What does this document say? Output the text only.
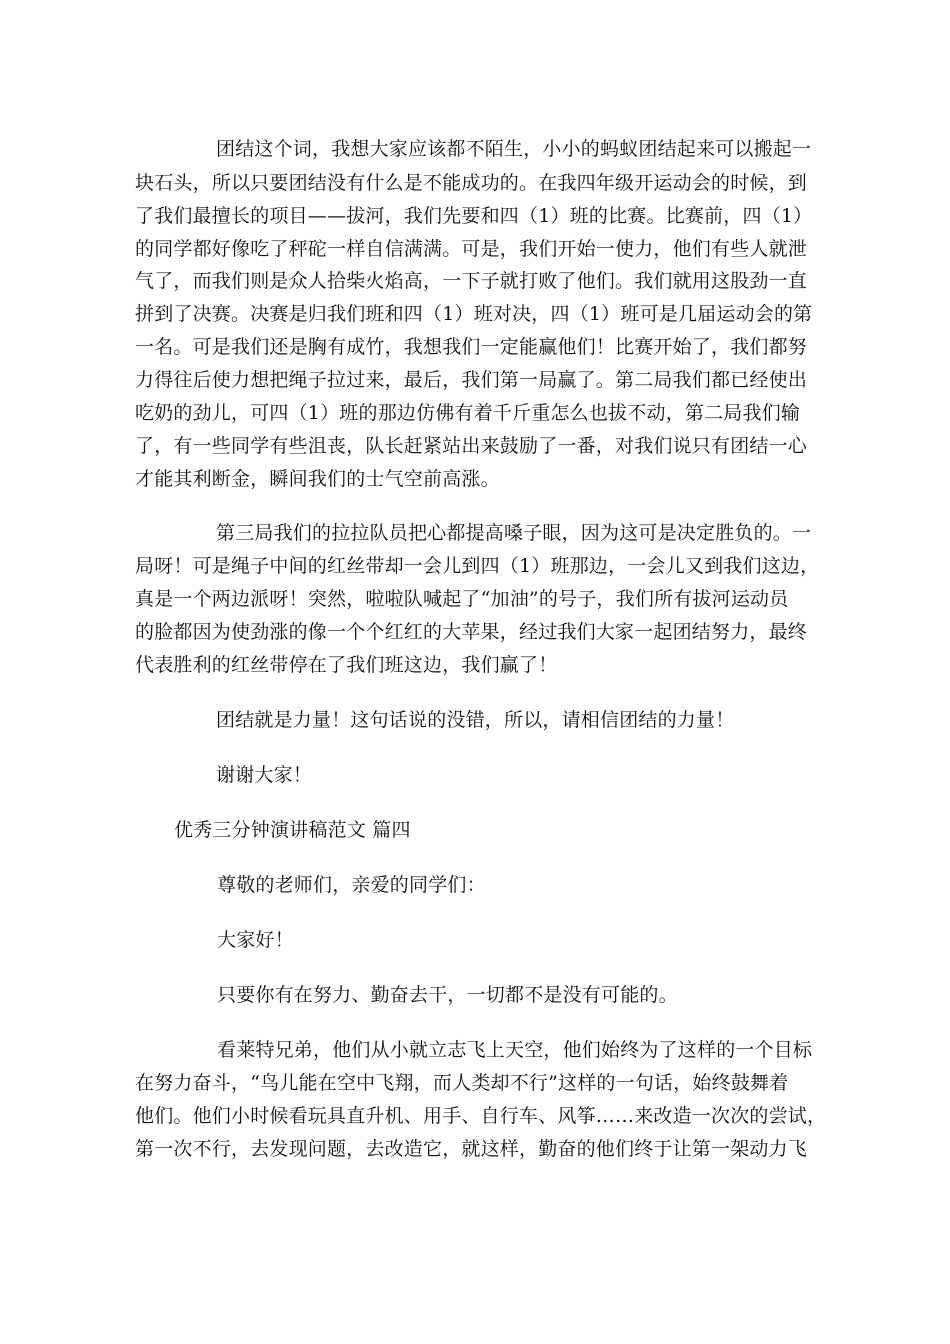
团结这个词，我想大家应该都不陌生，小小的蚂蚁团结起来可以搬起一
块石头，所以只要团结没有什么是不能成功的。在我四年级开运动会的时候，到
了我们最擅长的项目——拔河，我们先要和四（1）班的比赛。比赛前，四（1）
的同学都好像吃了秤砣一样自信满满。可是，我们开始一使力，他们有些人就泄
气了，而我们则是众人拾柴火焰高，一下子就打败了他们。我们就用这股劲一直
拼到了决赛。决赛是归我们班和四（1）班对决，四（1）班可是几届运动会的第
一名。可是我们还是胸有成竹，我想我们一定能赢他们！比赛开始了，我们都努
力得往后使力想把绳子拉过来，最后，我们第一局赢了。第二局我们都已经使出
吃奶的劲儿，可四（1）班的那边仿佛有着千斤重怎么也拔不动，第二局我们输
了，有一些同学有些沮丧，队长赶紧站出来鼓励了一番，对我们说只有团结一心
才能其利断金，瞬间我们的士气空前高涨。
第三局我们的拉拉队员把心都提高嗓子眼，因为这可是决定胜负的。一
局呀！可是绳子中间的红丝带却一会儿到四（1）班那边，一会儿又到我们这边，
真是一个两边派呀！突然，啦啦队喊起了“加油”的号子，我们所有拔河运动员
的脸都因为使劲涨的像一个个红红的大苹果，经过我们大家一起团结努力，最终
代表胜利的红丝带停在了我们班这边，我们赢了！
团结就是力量！这句话说的没错，所以，请相信团结的力量！
谢谢大家！
优秀三分钟演讲稿范文 篇四
尊敬的老师们，亲爱的同学们：
大家好！
只要你有在努力、勤奋去干，一切都不是没有可能的。
看莱特兄弟，他们从小就立志飞上天空，他们始终为了这样的一个目标
在努力奋斗，“鸟儿能在空中飞翔，而人类却不行”这样的一句话，始终鼓舞着
他们。他们小时候看玩具直升机、用手、自行车、风筝……来改造一次次的尝试，
第一次不行，去发现问题，去改造它，就这样，勤奋的他们终于让第一架动力飞
